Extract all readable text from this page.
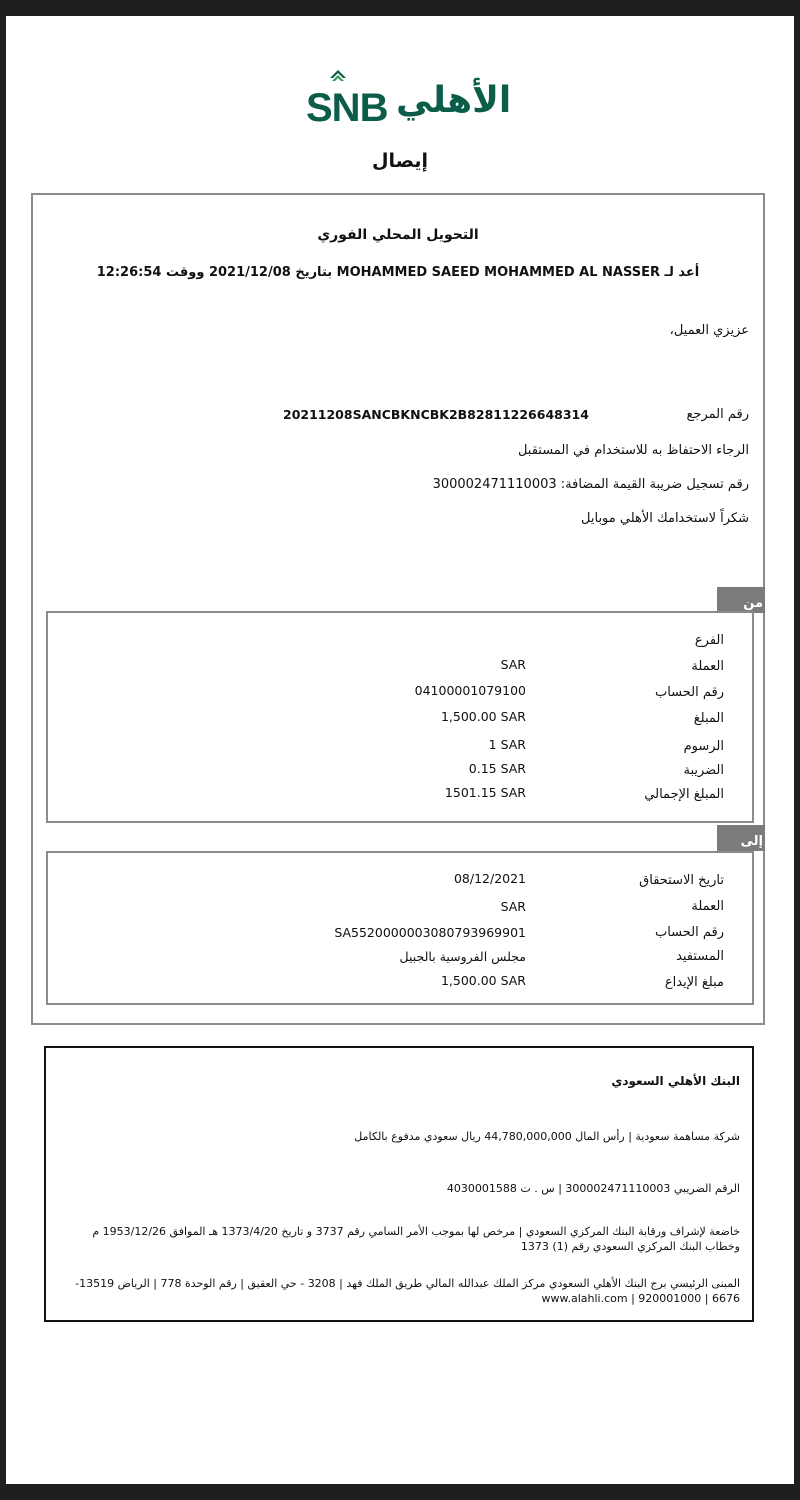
SNB الأهلي
إيصال
التحويل المحلي الفوري
أعد لـ MOHAMMED SAEED MOHAMMED AL NASSER بتاريخ 2021/12/08 ووقت 12:26:54
عزيزي العميل،
رقم المرجع
20211208SANCBKNCBK2B82811226648314
الرجاء الاحتفاظ به للاستخدام في المستقبل
رقم تسجيل ضريبة القيمة المضافة: 300002471110003
شكراً لاستخدامك الأهلي موبايل
من
الفرع
العملة
SAR
رقم الحساب
04100001079100
المبلغ
1,500.00 SAR
الرسوم
1 SAR
الضريبة
0.15 SAR
المبلغ الإجمالي
1501.15 SAR
إلى
تاريخ الاستحقاق
08/12/2021
العملة
SAR
رقم الحساب
SA5520000003080793969901
المستفيد
مجلس الفروسية بالجبيل
مبلغ الإيداع
1,500.00 SAR
البنك الأهلي السعودي
شركة مساهمة سعودية | رأس المال 44,780,000,000 ريال سعودي مدفوع بالكامل
الرقم الضريبي 300002471110003 | س . ت 4030001588
خاضعة لإشراف ورقابة البنك المركزي السعودي | مرخص لها بموجب الأمر السامي رقم 3737 و تاريخ 1373/4/20 هـ الموافق 1953/12/26 م وخطاب البنك المركزي السعودي رقم (1) 1373
المبنى الرئيسي برج البنك الأهلي السعودي مركز الملك عبدالله المالي طريق الملك فهد | 3208 - حي العقيق | رقم الوحدة 778 | الرياض 13519-6676 | www.alahli.com | 920001000
